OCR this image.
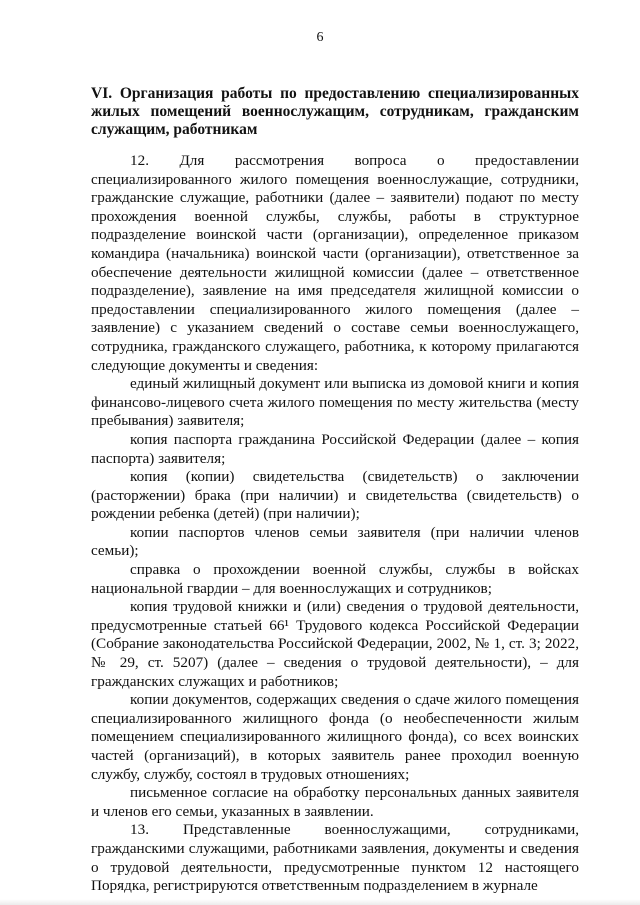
6
VI. Организация работы по предоставлению специализированных жилых помещений военнослужащим, сотрудникам, гражданским служащим, работникам

12. Для рассмотрения вопроса о предоставлении специализированного жилого помещения военнослужащие, сотрудники, гражданские служащие, работники (далее – заявители) подают по месту прохождения военной службы, службы, работы в структурное подразделение воинской части (организации), определенное приказом командира (начальника) воинской части (организации), ответственное за обеспечение деятельности жилищной комиссии (далее – ответственное подразделение), заявление на имя председателя жилищной комиссии о предоставлении специализированного жилого помещения (далее – заявление) с указанием сведений о составе семьи военнослужащего, сотрудника, гражданского служащего, работника, к которому прилагаются следующие документы и сведения:

единый жилищный документ или выписка из домовой книги и копия финансово-лицевого счета жилого помещения по месту жительства (месту пребывания) заявителя;

копия паспорта гражданина Российской Федерации (далее – копия паспорта) заявителя;

копия (копии) свидетельства (свидетельств) о заключении (расторжении) брака (при наличии) и свидетельства (свидетельств) о рождении ребенка (детей) (при наличии);

копии паспортов членов семьи заявителя (при наличии членов семьи);

справка о прохождении военной службы, службы в войсках национальной гвардии – для военнослужащих и сотрудников;

копия трудовой книжки и (или) сведения о трудовой деятельности, предусмотренные статьей 66¹ Трудового кодекса Российской Федерации (Собрание законодательства Российской Федерации, 2002, № 1, ст. 3; 2022, № 29, ст. 5207) (далее – сведения о трудовой деятельности), – для гражданских служащих и работников;

копии документов, содержащих сведения о сдаче жилого помещения специализированного жилищного фонда (о необеспеченности жилым помещением специализированного жилищного фонда), со всех воинских частей (организаций), в которых заявитель ранее проходил военную службу, службу, состоял в трудовых отношениях;

письменное согласие на обработку персональных данных заявителя и членов его семьи, указанных в заявлении.

13. Представленные военнослужащими, сотрудниками, гражданскими служащими, работниками заявления, документы и сведения о трудовой деятельности, предусмотренные пунктом 12 настоящего Порядка, регистрируются ответственным подразделением в журнале
